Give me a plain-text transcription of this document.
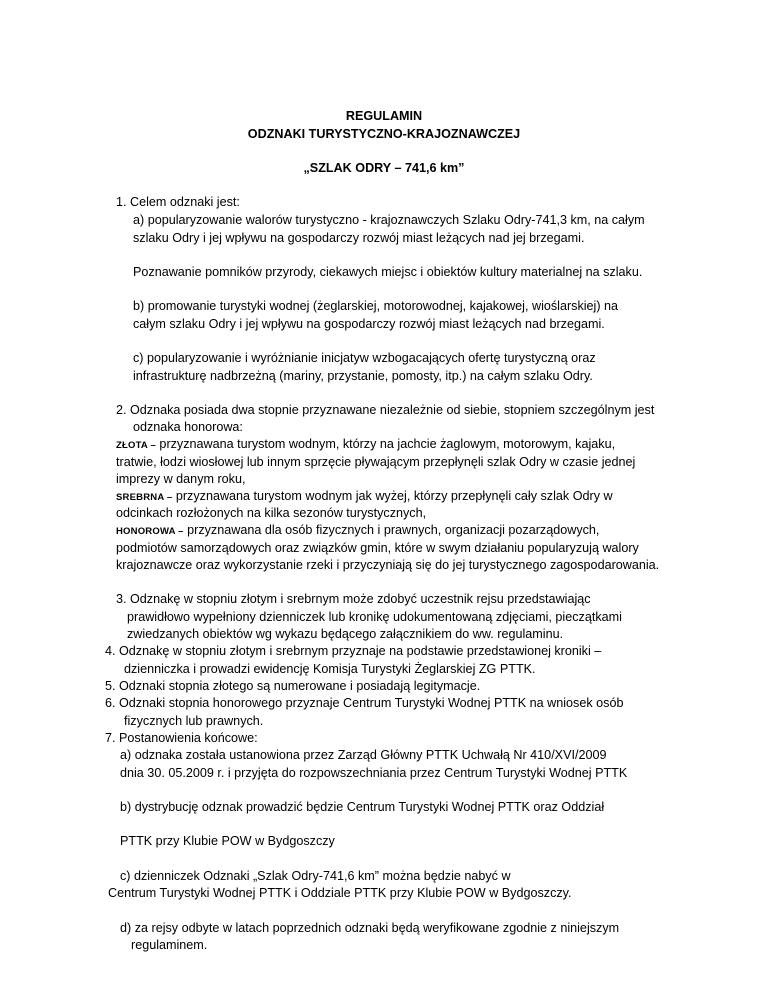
REGULAMIN
ODZNAKI TURYSTYCZNO-KRAJOZNAWCZEJ
„SZLAK ODRY – 741,6 km”
1. Celem odznaki jest:
a) popularyzowanie walorów turystyczno - krajoznawczych Szlaku Odry-741,3 km, na całym
szlaku Odry i jej wpływu na gospodarczy rozwój miast leżących nad jej brzegami.
Poznawanie pomników przyrody, ciekawych miejsc i obiektów kultury materialnej na szlaku.
b) promowanie turystyki wodnej (żeglarskiej, motorowodnej, kajakowej, wioślarskiej) na
całym szlaku Odry i jej wpływu na gospodarczy rozwój miast leżących nad brzegami.
c) popularyzowanie i wyróżnianie inicjatyw wzbogacających ofertę turystyczną oraz
infrastrukturę nadbrzeżną (mariny, przystanie, pomosty, itp.) na całym szlaku Odry.
2. Odznaka posiada dwa stopnie przyznawane niezależnie od siebie, stopniem szczególnym jest
odznaka honorowa:
ZŁOTA – przyznawana turystom wodnym, którzy na jachcie żaglowym, motorowym, kajaku,
tratwie, łodzi wiosłowej lub innym sprzęcie pływającym przepłynęli szlak Odry w czasie jednej
imprezy w danym roku,
SREBRNA – przyznawana turystom wodnym jak wyżej, którzy przepłynęli cały szlak Odry w
odcinkach rozłożonych na kilka sezonów turystycznych,
HONOROWA – przyznawana dla osób fizycznych i prawnych, organizacji pozarządowych,
podmiotów samorządowych oraz związków gmin, które w swym działaniu popularyzują walory
krajoznawcze oraz wykorzystanie rzeki i przyczyniają się do jej turystycznego zagospodarowania.
3. Odznakę w stopniu złotym i srebrnym może zdobyć uczestnik rejsu przedstawiając
prawidłowo wypełniony dzienniczek lub kronikę udokumentowaną zdjęciami, pieczątkami
zwiedzanych obiektów wg wykazu będącego załącznikiem do ww. regulaminu.
4. Odznakę w stopniu złotym i srebrnym przyznaje na podstawie przedstawionej kroniki –
dzienniczka i prowadzi ewidencję Komisja Turystyki Żeglarskiej ZG PTTK.
5. Odznaki stopnia złotego są numerowane i posiadają legitymacje.
6. Odznaki stopnia honorowego przyznaje Centrum Turystyki Wodnej PTTK na wniosek osób
fizycznych lub prawnych.
7. Postanowienia końcowe:
a) odznaka została ustanowiona przez Zarząd Główny PTTK Uchwałą Nr 410/XVI/2009
dnia 30. 05.2009 r. i przyjęta do rozpowszechniania przez Centrum Turystyki Wodnej PTTK
b) dystrybucję odznak prowadzić będzie Centrum Turystyki Wodnej PTTK oraz Oddział
PTTK przy Klubie POW w Bydgoszczy
c) dzienniczek Odznaki „Szlak Odry-741,6 km” można będzie nabyć w
Centrum Turystyki Wodnej PTTK i Oddziale PTTK przy Klubie POW w Bydgoszczy.
d) za rejsy odbyte w latach poprzednich odznaki będą weryfikowane zgodnie z niniejszym
regulaminem.
